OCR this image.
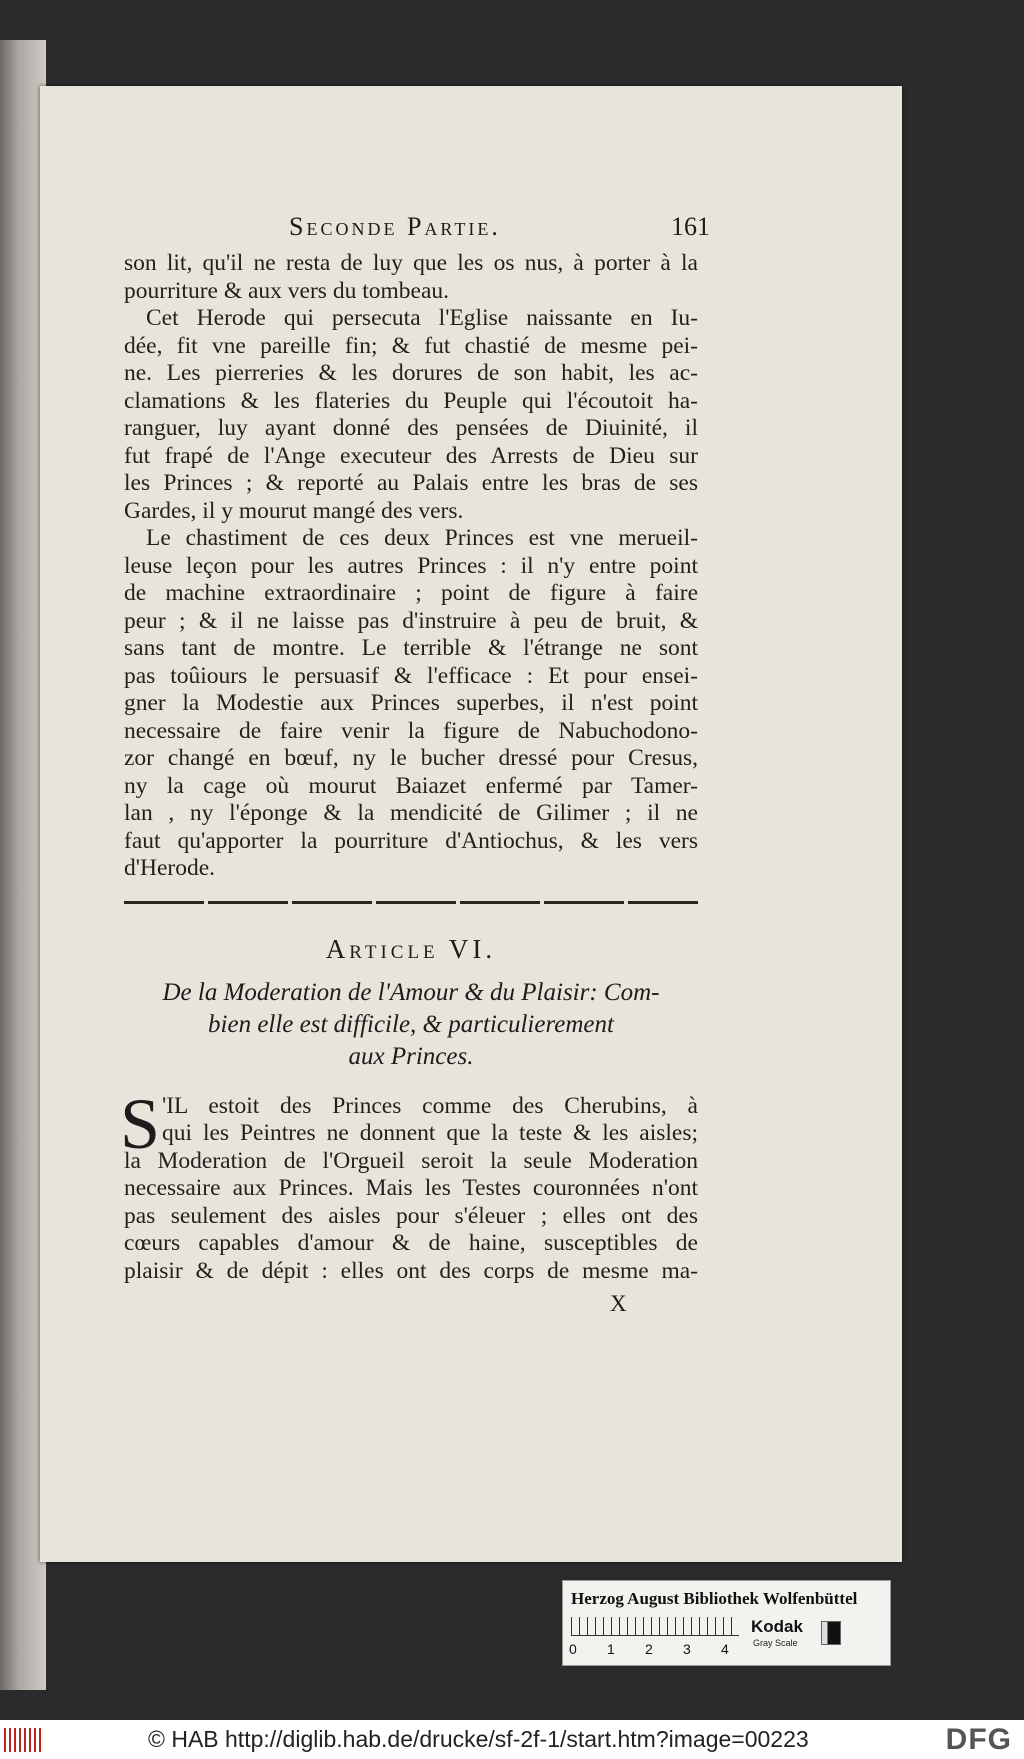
Seconde Partie.	161
son lit, qu'il ne resta de luy que les os nus, à porter à la
pourriture & aux vers du tombeau.
Cet Herode qui persecuta l'Eglise naissante en Iu-
dée, fit vne pareille fin; & fut chastié de mesme pei-
ne. Les pierreries & les dorures de son habit, les ac-
clamations & les flateries du Peuple qui l'écoutoit ha-
ranguer, luy ayant donné des pensées de Diuinité, il
fut frapé de l'Ange executeur des Arrests de Dieu sur
les Princes ; & reporté au Palais entre les bras de ses
Gardes, il y mourut mangé des vers.
Le chastiment de ces deux Princes est vne merueil-
leuse leçon pour les autres Princes : il n'y entre point
de machine extraordinaire ; point de figure à faire
peur ; & il ne laisse pas d'instruire à peu de bruit, &
sans tant de montre. Le terrible & l'étrange ne sont
pas toûiours le persuasif & l'efficace : Et pour ensei-
gner la Modestie aux Princes superbes, il n'est point
necessaire de faire venir la figure de Nabuchodono-
zor changé en bœuf, ny le bucher dressé pour Cresus,
ny la cage où mourut Baiazet enfermé par Tamer-
lan , ny l'éponge & la mendicité de Gilimer ; il ne
faut qu'apporter la pourriture d'Antiochus, & les vers
d'Herode.
Article VI.
De la Moderation de l'Amour & du Plaisir: Com-
bien elle est difficile, & particulierement
aux Princes.
S 'IL estoit des Princes comme des Cherubins, à
qui les Peintres ne donnent que la teste & les aisles;
la Moderation de l'Orgueil seroit la seule Moderation
necessaire aux Princes. Mais les Testes couronnées n'ont
pas seulement des aisles pour s'éleuer ; elles ont des
cœurs capables d'amour & de haine, susceptibles de
plaisir & de dépit : elles ont des corps de mesme ma-
X
Herzog August Bibliothek Wolfenbüttel
0 1 2 3 4
Kodak
Gray Scale
© HAB http://diglib.hab.de/drucke/sf-2f-1/start.htm?image=00223	DFG
